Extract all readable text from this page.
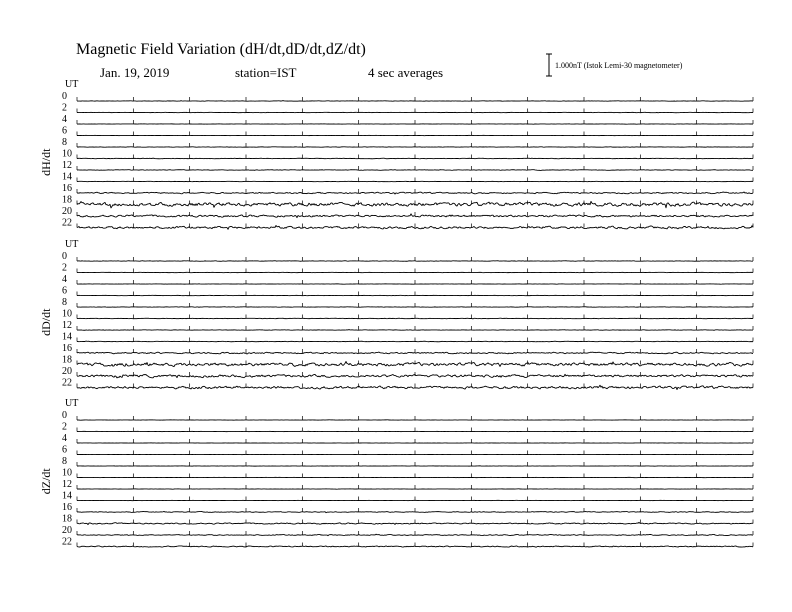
Magnetic Field Variation (dH/dt,dD/dt,dZ/dt)
Jan. 19, 2019	station=IST	4 sec averages	1.000nT (Istok Lemi-30 magnetometer)
UT
dH/dt
0
2
4
6
8
10
12
14
16
18
20
22
UT
dD/dt
0
2
4
6
8
10
12
14
16
18
20
22
UT
dZ/dt
0
2
4
6
8
10
12
14
16
18
20
22
